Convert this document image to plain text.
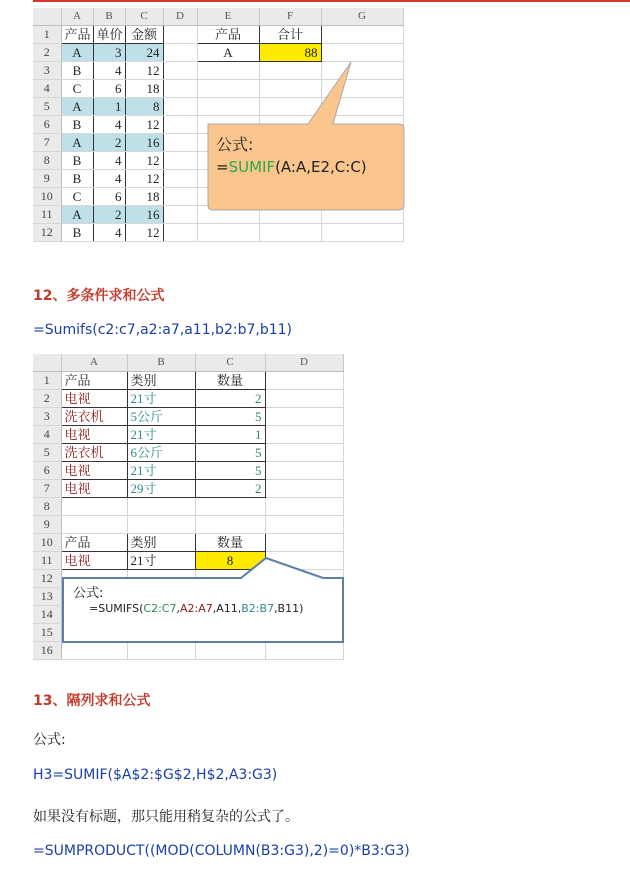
	A	B	C	D	E	F	G
1	产品	单价	金额		产品	合计	
2	A	3	24		A	88	
3	B	4	12				
4	C	6	18				
5	A	1	8				
6	B	4	12				
7	A	2	16				
8	B	4	12				
9	B	4	12				
10	C	6	18				
11	A	2	16				
12	B	4	12				
公式:
=SUMIF(A:A,E2,C:C)
12、多条件求和公式
=Sumifs(c2:c7,a2:a7,a11,b2:b7,b11)
	A	B	C	D
1	产品	类别	数量	
2	电视	21寸	2	
3	洗衣机	5公斤	5	
4	电视	21寸	1	
5	洗衣机	6公斤	5	
6	电视	21寸	5	
7	电视	29寸	2	
8				
9				
10	产品	类别	数量	
11	电视	21寸	8	
12				
13				
14				
15				
16				
公式:
=SUMIFS(C2:C7,A2:A7,A11,B2:B7,B11)
13、隔列求和公式
公式:
H3=SUMIF($A$2:$G$2,H$2,A3:G3)
如果没有标题，那只能用稍复杂的公式了。
=SUMPRODUCT((MOD(COLUMN(B3:G3),2)=0)*B3:G3)
